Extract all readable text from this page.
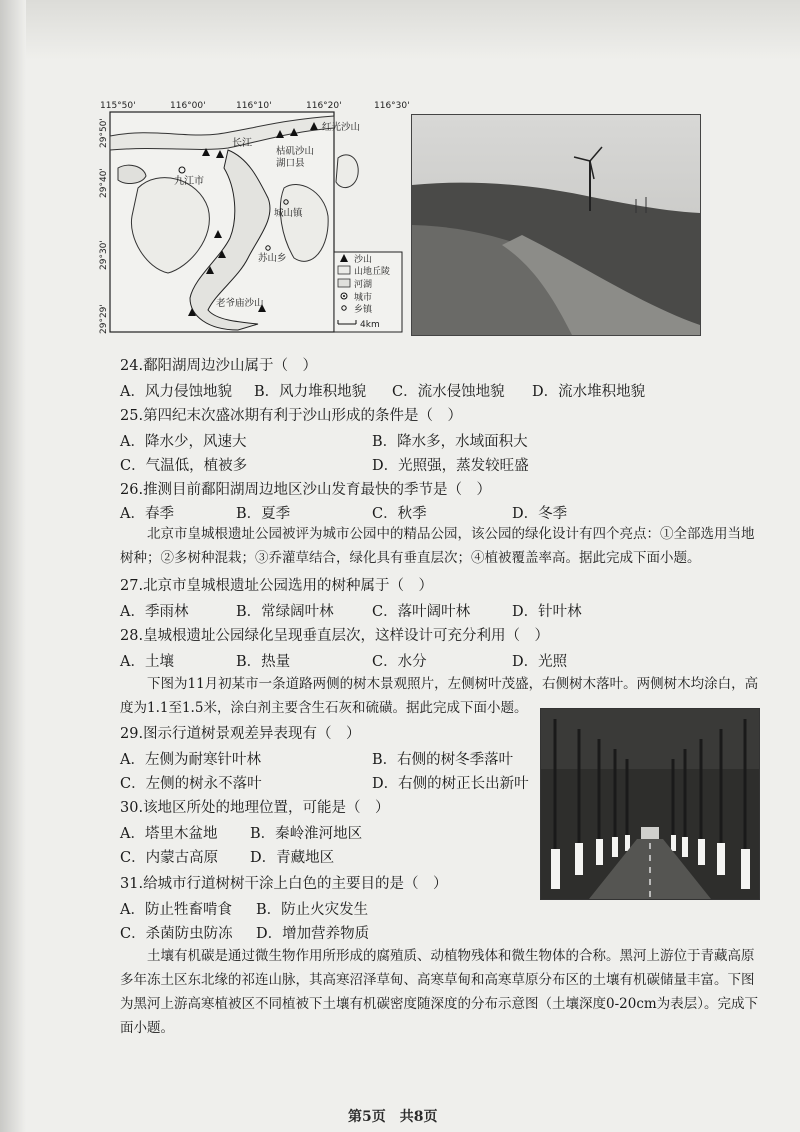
115°50'	116°00'	116°10'	116°20'	116°30'
29°50'
29°40'
29°30'
29°29'
长江
红光沙山
枯矶沙山
湖口县
九江市
城山镇
苏山乡
老爷庙沙山
沙山
山地丘陵
河湖
城市
乡镇
4km
24.鄱阳湖周边沙山属于（　）
A．风力侵蚀地貌 B．风力堆积地貌 C．流水侵蚀地貌 D．流水堆积地貌
25.第四纪末次盛冰期有利于沙山形成的条件是（　）
A．降水少，风速大	B．降水多，水域面积大
C．气温低，植被多	D．光照强，蒸发较旺盛
26.推测目前鄱阳湖周边地区沙山发育最快的季节是（　）
A．春季	B．夏季	C．秋季	D．冬季

北京市皇城根遗址公园被评为城市公园中的精品公园，该公园的绿化设计有四个亮点：①全部选用当地树种；②多树种混栽；③乔灌草结合，绿化具有垂直层次；④植被覆盖率高。据此完成下面小题。

27.北京市皇城根遗址公园选用的树种属于（　）
A．季雨林	B．常绿阔叶林	C．落叶阔叶林	D．针叶林
28.皇城根遗址公园绿化呈现垂直层次，这样设计可充分利用（　）
A．土壤	B．热量	C．水分	D．光照

下图为11月初某市一条道路两侧的树木景观照片，左侧树叶茂盛，右侧树木落叶。两侧树木均涂白，高度为1.1至1.5米，涂白剂主要含生石灰和硫磺。据此完成下面小题。

29.图示行道树景观差异表现有（　）
A．左侧为耐寒针叶林	B．右侧的树冬季落叶
C．左侧的树永不落叶	D．右侧的树正长出新叶
30.该地区所处的地理位置，可能是（　）
A．塔里木盆地 B．秦岭淮河地区
C．内蒙古高原 D．青藏地区
31.给城市行道树树干涂上白色的主要目的是（　）
A．防止牲畜啃食 B．防止火灾发生
C．杀菌防虫防冻 D．增加营养物质

土壤有机碳是通过微生物作用所形成的腐殖质、动植物残体和微生物体的合称。黑河上游位于青藏高原多年冻土区东北缘的祁连山脉，其高寒沼泽草甸、高寒草甸和高寒草原分布区的土壤有机碳储量丰富。下图为黑河上游高寒植被区不同植被下土壤有机碳密度随深度的分布示意图（土壤深度0-20cm为表层）。完成下面小题。

第5页　共8页
